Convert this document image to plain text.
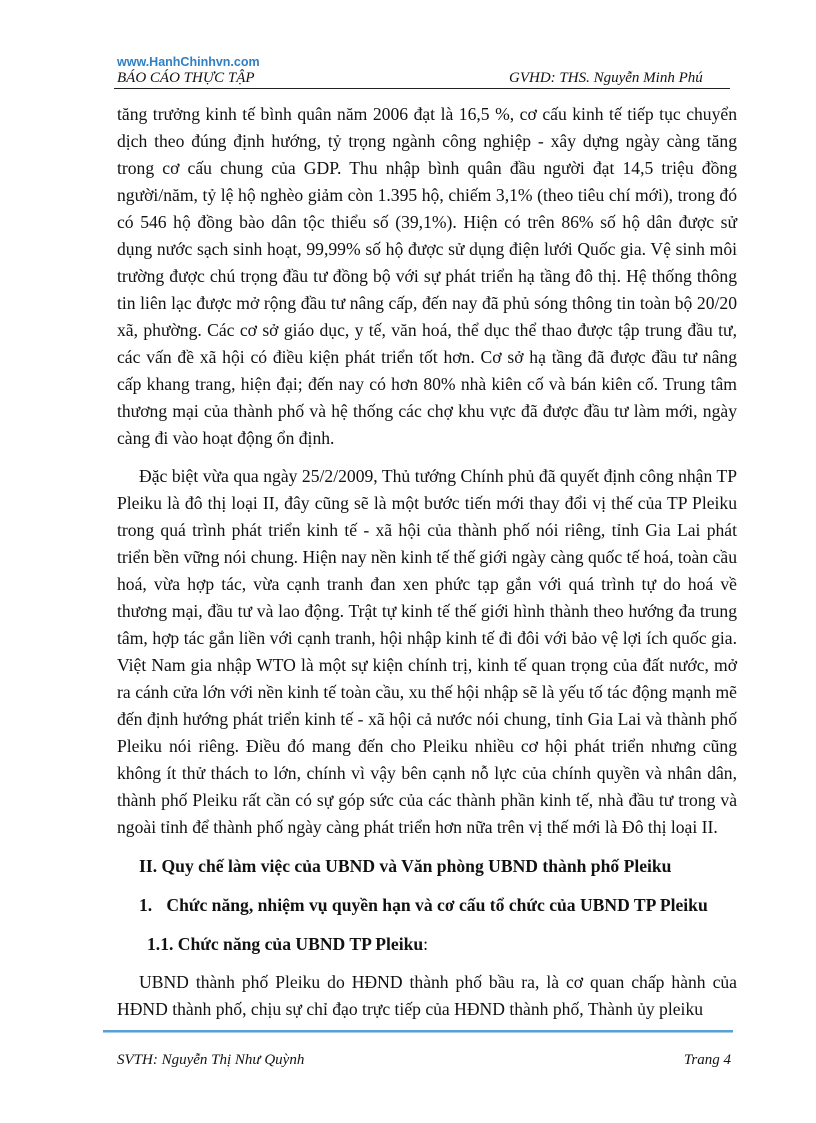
www.HanhChinhvn.com
BÁO CÁO THỰC TẬP	GVHD: THS. Nguyễn Minh Phú

tăng trưởng kinh tế bình quân năm 2006 đạt là 16,5 %, cơ cấu kinh tế tiếp tục chuyển dịch theo đúng định hướng, tỷ trọng ngành công nghiệp - xây dựng ngày càng tăng trong cơ cấu chung của GDP. Thu nhập bình quân đầu người đạt 14,5 triệu đồng người/năm, tỷ lệ hộ nghèo giảm còn 1.395 hộ, chiếm 3,1% (theo tiêu chí mới), trong đó có 546 hộ đồng bào dân tộc thiểu số (39,1%). Hiện có trên 86% số hộ dân được sử dụng nước sạch sinh hoạt, 99,99% số hộ được sử dụng điện lưới Quốc gia. Vệ sinh môi trường được chú trọng đầu tư đồng bộ với sự phát triển hạ tầng đô thị. Hệ thống thông tin liên lạc được mở rộng đầu tư nâng cấp, đến nay đã phủ sóng thông tin toàn bộ 20/20 xã, phường. Các cơ sở giáo dục, y tế, văn hoá, thể dục thể thao được tập trung đầu tư, các vấn đề xã hội có điều kiện phát triển tốt hơn. Cơ sở hạ tầng đã được đầu tư nâng cấp khang trang, hiện đại; đến nay có hơn 80% nhà kiên cố và bán kiên cố. Trung tâm thương mại của thành phố và hệ thống các chợ khu vực đã được đầu tư làm mới, ngày càng đi vào hoạt động ổn định.

Đặc biệt vừa qua ngày 25/2/2009, Thủ tướng Chính phủ đã quyết định công nhận TP Pleiku là đô thị loại II, đây cũng sẽ là một bước tiến mới thay đổi vị thế của TP Pleiku trong quá trình phát triển kinh tế - xã hội của thành phố nói riêng, tỉnh Gia Lai phát triển bền vững nói chung. Hiện nay nền kinh tế thế giới ngày càng quốc tế hoá, toàn cầu hoá, vừa hợp tác, vừa cạnh tranh đan xen phức tạp gắn với quá trình tự do hoá về thương mại, đầu tư và lao động. Trật tự kinh tế thế giới hình thành theo hướng đa trung tâm, hợp tác gắn liền với cạnh tranh, hội nhập kinh tế đi đôi với bảo vệ lợi ích quốc gia. Việt Nam gia nhập WTO là một sự kiện chính trị, kinh tế quan trọng của đất nước, mở ra cánh cửa lớn với nền kinh tế toàn cầu, xu thế hội nhập sẽ là yếu tố tác động mạnh mẽ đến định hướng phát triển kinh tế - xã hội cả nước nói chung, tỉnh Gia Lai và thành phố Pleiku nói riêng. Điều đó mang đến cho Pleiku nhiều cơ hội phát triển nhưng cũng không ít thử thách to lớn, chính vì vậy bên cạnh nỗ lực của chính quyền và nhân dân, thành phố Pleiku rất cần có sự góp sức của các thành phần kinh tế, nhà đầu tư trong và ngoài tỉnh để thành phố ngày càng phát triển hơn nữa trên vị thế mới là Đô thị loại II.

II. Quy chế làm việc của UBND và Văn phòng UBND thành phố Pleiku

1. Chức năng, nhiệm vụ quyền hạn và cơ cấu tổ chức của UBND TP Pleiku

1.1. Chức năng của UBND TP Pleiku:

UBND thành phố Pleiku do HĐND thành phố bầu ra, là cơ quan chấp hành của HĐND thành phố, chịu sự chỉ đạo trực tiếp của HĐND thành phố, Thành ủy pleiku

SVTH: Nguyễn Thị Như Quỳnh	Trang 4
